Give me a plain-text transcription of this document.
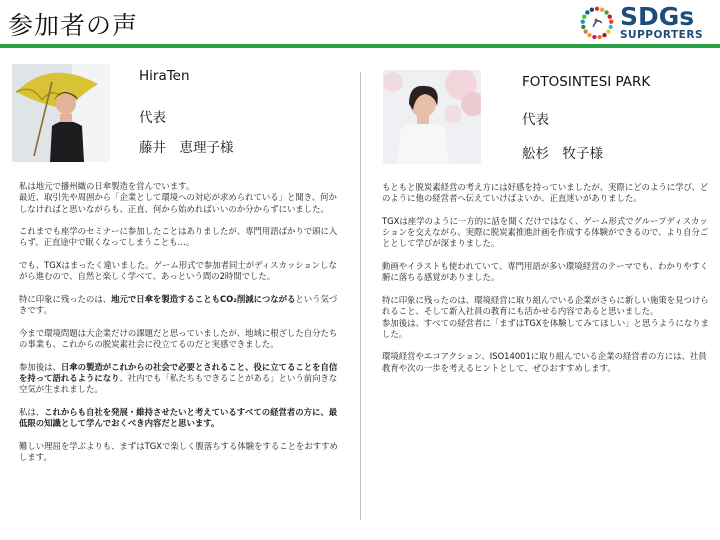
参加者の声	SDGs
SUPPORTERS
HiraTen
代表
藤井　恵理子様

私は地元で播州織の日傘製造を営んでいます。
最近、取引先や周囲から「企業として環境への対応が求められている」と聞き、何かしなければと思いながらも、正直、何から始めればいいのか分からずにいました。

これまでも座学のセミナーに参加したことはありましたが、専門用語ばかりで頭に入らず、正直途中で眠くなってしまうことも…。

でも、TGXはまったく違いました。ゲーム形式で参加者同士がディスカッションしながら進むので、自然と楽しく学べて、あっという間の2時間でした。

特に印象に残ったのは、地元で日傘を製造することもCO₂削減につながるという気づきです。

今まで環境問題は大企業だけの課題だと思っていましたが、地域に根ざした自分たちの事業も、これからの脱炭素社会に役立てるのだと実感できました。

参加後は、日傘の製造がこれからの社会で必要とされること、役に立てることを自信を持って語れるようになり、社内でも「私たちもできることがある」という前向きな空気が生まれました。

私は、これからも自社を発展・維持させたいと考えているすべての経営者の方に、最低限の知識として学んでおくべき内容だと思います。

難しい理屈を学ぶよりも、まずはTGXで楽しく腹落ちする体験をすることをおすすめします。

FOTOSINTESI PARK
代表
舩杉　牧子様

もともと脱炭素経営の考え方には好感を持っていましたが、実際にどのように学び、どのように他の経営者へ伝えていけばよいか、正直迷いがありました。

TGXは座学のように一方的に話を聞くだけではなく、ゲーム形式でグループディスカッションを交えながら、実際に脱炭素推進計画を作成する体験ができるので、より自分ごととして学びが深まりました。

動画やイラストも使われていて、専門用語が多い環境経営のテーマでも、わかりやすく腑に落ちる感覚がありました。

特に印象に残ったのは、環境経営に取り組んでいる企業がさらに新しい施策を見つけられること、そして新入社員の教育にも活かせる内容であると思いました。
参加後は、すべての経営者に「まずはTGXを体験してみてほしい」と思うようになりました。

環境経営やエコアクション、ISO14001に取り組んでいる企業の経営者の方には、社員教育や次の一歩を考えるヒントとして、ぜひおすすめします。
